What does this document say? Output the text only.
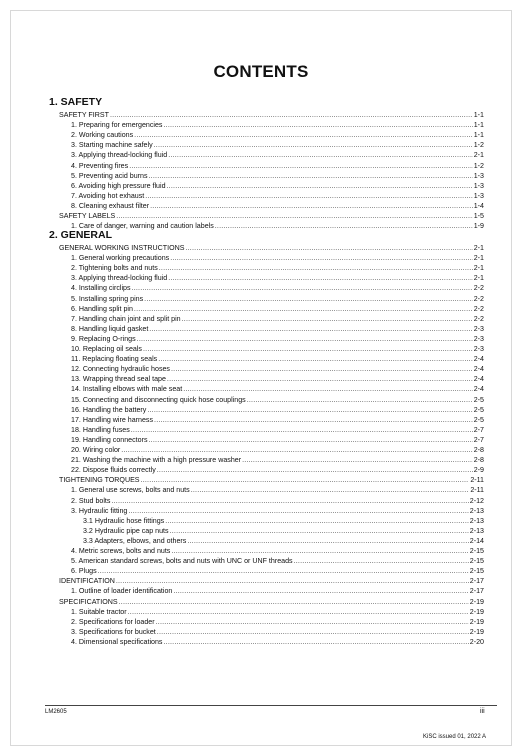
CONTENTS
1. SAFETY
SAFETY FIRST .....	1-1
1. Preparing for emergencies .....	1-1
2. Working cautions .....	1-1
3. Starting machine safely .....	1-2
3. Applying thread-locking fluid .....	2-1
4. Preventing fires .....	1-2
5. Preventing acid burns .....	1-3
6. Avoiding high pressure fluid .....	1-3
7. Avoiding hot exhaust .....	1-3
8. Cleaning exhaust filter .....	1-4
SAFETY LABELS .....	1-5
1. Care of danger, warning and caution labels .....	1-9
2. GENERAL
GENERAL WORKING INSTRUCTIONS .....	2-1
1. General working precautions .....	2-1
2. Tightening bolts and nuts .....	2-1
3. Applying thread-locking fluid .....	2-1
4. Installing circlips .....	2-2
5. Installing spring pins .....	2-2
6. Handling split pin .....	2-2
7. Handling chain joint and split pin .....	2-2
8. Handling liquid gasket .....	2-3
9. Replacing O-rings .....	2-3
10. Replacing oil seals .....	2-3
11. Replacing floating seals .....	2-4
12. Connecting hydraulic hoses .....	2-4
13. Wrapping thread seal tape .....	2-4
14. Installing elbows with male seat .....	2-4
15. Connecting and disconnecting quick hose couplings .....	2-5
16. Handling the battery .....	2-5
17. Handling wire harness .....	2-5
18. Handling fuses .....	2-7
19. Handling connectors .....	2-7
20. Wiring color .....	2-8
21. Washing the machine with a high pressure washer .....	2-8
22. Dispose fluids correctly .....	2-9
TIGHTENING TORQUES .....	2-11
1. General use screws, bolts and nuts .....	2-11
2. Stud bolts .....	2-12
3. Hydraulic fitting .....	2-13
3.1 Hydraulic hose fittings .....	2-13
3.2 Hydraulic pipe cap nuts .....	2-13
3.3 Adapters, elbows, and others .....	2-14
4. Metric screws, bolts and nuts .....	2-15
5. American standard screws, bolts and nuts with UNC or UNF threads .....	2-15
6. Plugs .....	2-15
IDENTIFICATION .....	2-17
1. Outline of loader identification .....	2-17
SPECIFICATIONS .....	2-19
1. Suitable tractor .....	2-19
2. Specifications for loader .....	2-19
3. Specifications for bucket .....	2-19
4. Dimensional specifications .....	2-20
LM2605	iii
KiSC issued 01, 2022 A
